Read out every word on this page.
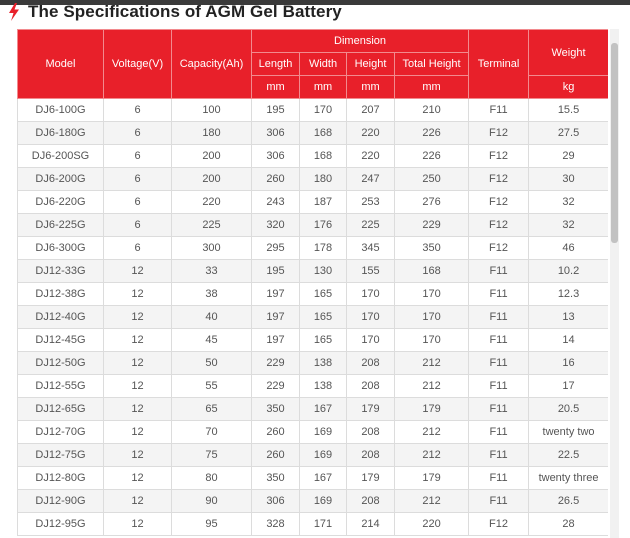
The Specifications of AGM Gel Battery
Model	Voltage(V)	Capacity(Ah)	Dimension				Terminal	Weight
			Length	Width	Height	Total Height		
			mm	mm	mm	mm		kg
DJ6-100G	6	100	195	170	207	210	F11	15.5
DJ6-180G	6	180	306	168	220	226	F12	27.5
DJ6-200SG	6	200	306	168	220	226	F12	29
DJ6-200G	6	200	260	180	247	250	F12	30
DJ6-220G	6	220	243	187	253	276	F12	32
DJ6-225G	6	225	320	176	225	229	F12	32
DJ6-300G	6	300	295	178	345	350	F12	46
DJ12-33G	12	33	195	130	155	168	F11	10.2
DJ12-38G	12	38	197	165	170	170	F11	12.3
DJ12-40G	12	40	197	165	170	170	F11	13
DJ12-45G	12	45	197	165	170	170	F11	14
DJ12-50G	12	50	229	138	208	212	F11	16
DJ12-55G	12	55	229	138	208	212	F11	17
DJ12-65G	12	65	350	167	179	179	F11	20.5
DJ12-70G	12	70	260	169	208	212	F11	twenty two
DJ12-75G	12	75	260	169	208	212	F11	22.5
DJ12-80G	12	80	350	167	179	179	F11	twenty three
DJ12-90G	12	90	306	169	208	212	F11	26.5
DJ12-95G	12	95	328	171	214	220	F12	28
